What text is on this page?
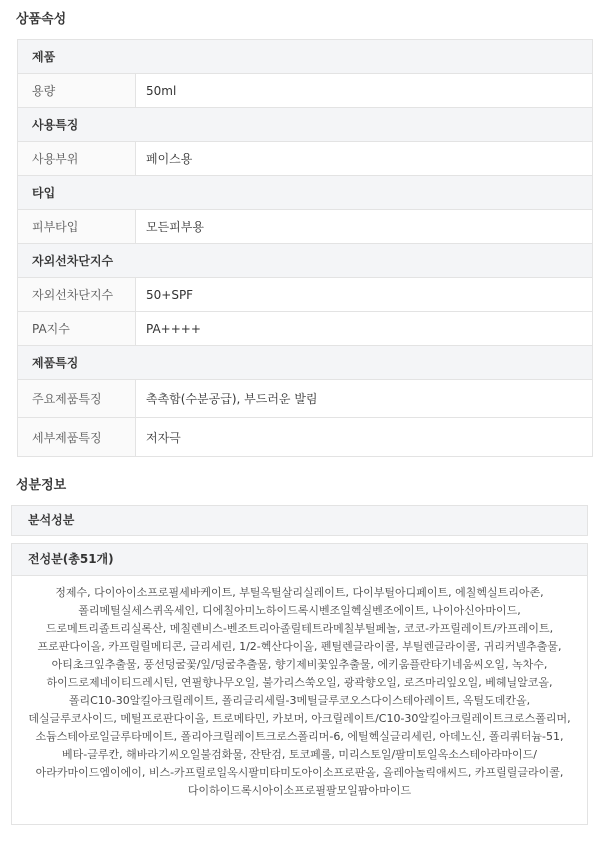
상품속성
제품
용량	50ml
사용특징
사용부위	페이스용
타입
피부타입	모든피부용
자외선차단지수
자외선차단지수	50+SPF
PA지수	PA++++
제품특징
주요제품특징	촉촉함(수분공급), 부드러운 발림
세부제품특징	저자극
성분정보
분석성분
전성분(총51개)
정제수, 다이아이소프로필세바케이트, 부틸옥틸살리실레이트, 다이부틸아디페이트, 에칠헥실트리아존, 폴리메틸실세스퀴옥세인, 디에칠아미노하이드록시벤조일헥실벤조에이트, 나이아신아마이드, 드로메트리졸트리실록산, 메칠렌비스-벤조트리아졸릴테트라메칠부틸페놀, 코코-카프릴레이트/카프레이트, 프로판다이올, 카프릴릴메티콘, 글리세린, 1/2-헥산다이올, 펜틸렌글라이콜, 부틸렌글라이콜, 귀리커넬추출물, 아티초크잎추출물, 풍선덩굴꽃/잎/덩굴추출물, 향기제비꽃잎추출물, 에키움플란타기네움씨오일, 녹차수, 하이드로제네이티드레시틴, 연필향나무오일, 불가리스쑥오일, 광곽향오일, 로즈마리잎오일, 베헤닐알코올, 폴리C10-30알킬아크릴레이트, 폴리글리세릴-3메틸글루코오스다이스테아레이트, 옥틸도데칸올, 데실글루코사이드, 메틸프로판다이올, 트로메타민, 카보머, 아크릴레이트/C10-30알킬아크릴레이트크로스폴리머, 소듐스테아로일글루타메이트, 폴리아크릴레이트크로스폴리머-6, 에틸헥실글리세린, 아데노신, 폴리쿼터늄-51, 베타-글루칸, 해바라기씨오일불검화물, 잔탄검, 토코페롤, 미리스토일/팔미토일옥소스테아라마이드/아라카마이드엠이에이, 비스-카프릴로일옥시팔미타미도아이소프로판올, 올레아놀릭애씨드, 카프릴릴글라이콜, 다이하이드록시아이소프로필팔모일팜아마이드
